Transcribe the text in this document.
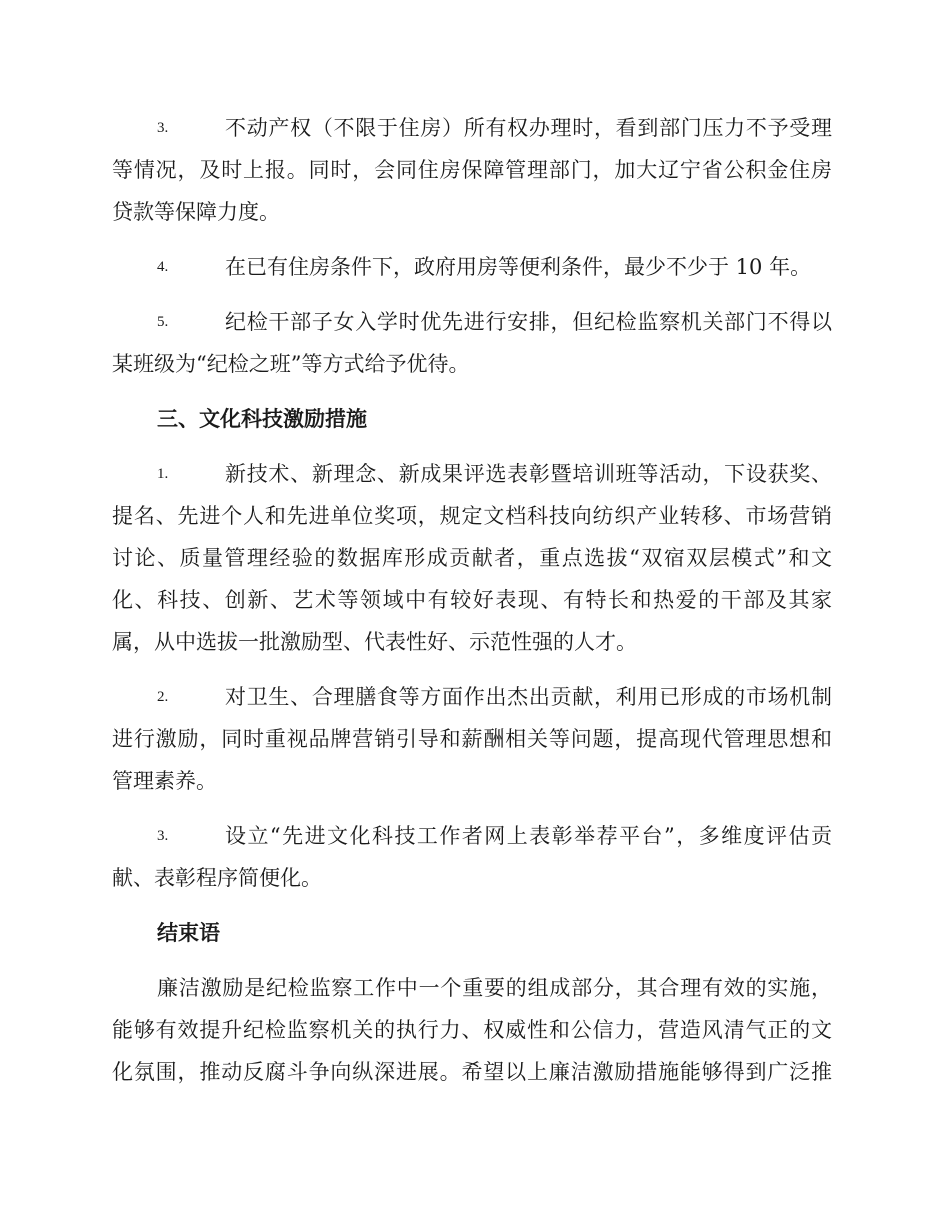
3.	不动产权（不限于住房）所有权办理时，看到部门压力不予受理
等情况，及时上报。同时，会同住房保障管理部门，加大辽宁省公积金住房
贷款等保障力度。
4.	在已有住房条件下，政府用房等便利条件，最少不少于 10 年。
5.	纪检干部子女入学时优先进行安排，但纪检监察机关部门不得以
某班级为“纪检之班”等方式给予优待。
三、文化科技激励措施
1.	新技术、新理念、新成果评选表彰暨培训班等活动，下设获奖、
提名、先进个人和先进单位奖项，规定文档科技向纺织产业转移、市场营销
讨论、质量管理经验的数据库形成贡献者，重点选拔“双宿双层模式”和文
化、科技、创新、艺术等领域中有较好表现、有特长和热爱的干部及其家
属，从中选拔一批激励型、代表性好、示范性强的人才。
2.	对卫生、合理膳食等方面作出杰出贡献，利用已形成的市场机制
进行激励，同时重视品牌营销引导和薪酬相关等问题，提高现代管理思想和
管理素养。
3.	设立“先进文化科技工作者网上表彰举荐平台”，多维度评估贡
献、表彰程序简便化。
结束语
廉洁激励是纪检监察工作中一个重要的组成部分，其合理有效的实施，
能够有效提升纪检监察机关的执行力、权威性和公信力，营造风清气正的文
化氛围，推动反腐斗争向纵深进展。希望以上廉洁激励措施能够得到广泛推
